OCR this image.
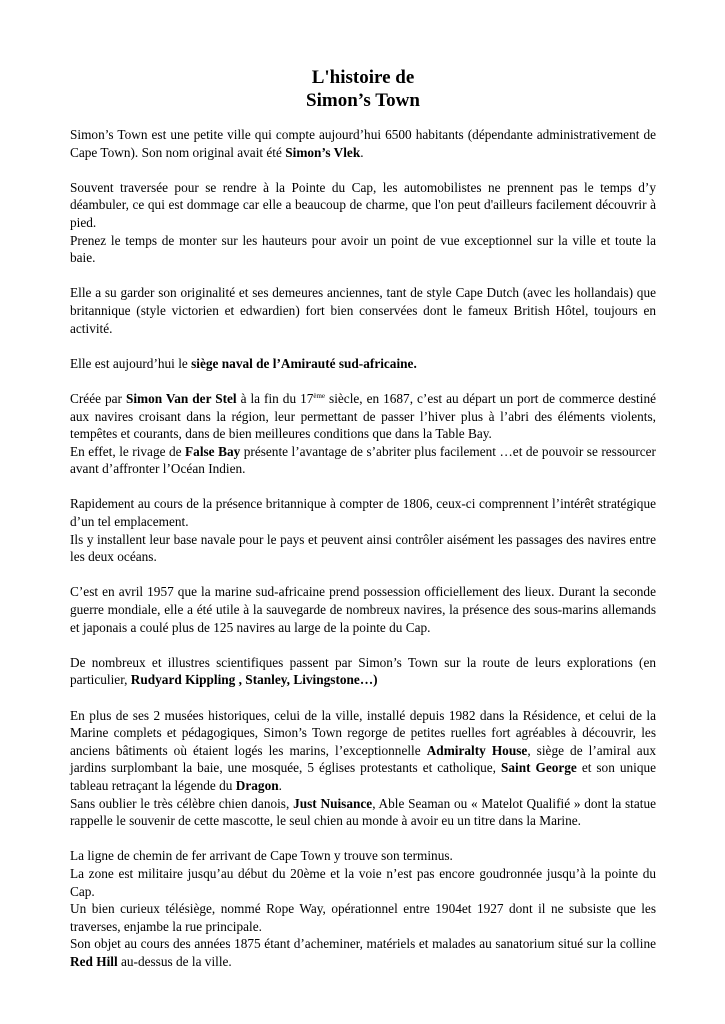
L'histoire de
Simon’s Town

Simon’s Town est une petite ville qui compte aujourd’hui 6500 habitants (dépendante administrativement de Cape Town). Son nom original avait été Simon’s Vlek.

Souvent traversée pour se rendre à la Pointe du Cap, les automobilistes ne prennent pas le temps d’y déambuler, ce qui est dommage car elle a beaucoup de charme, que l'on peut d'ailleurs facilement découvrir à pied.

Prenez le temps de monter sur les hauteurs pour avoir un point de vue exceptionnel sur la ville et toute la baie.

Elle a su garder son originalité et ses demeures anciennes, tant de style Cape Dutch (avec les hollandais) que britannique (style victorien et edwardien) fort bien conservées dont le fameux British Hôtel, toujours en activité.

Elle est aujourd’hui le siège naval de l’Amirauté sud-africaine.

Créée par Simon Van der Stel à la fin du 17ème siècle, en 1687, c’est au départ un port de commerce destiné aux navires croisant dans la région, leur permettant de passer l’hiver plus à l’abri des éléments violents, tempêtes et courants, dans de bien meilleures conditions que dans la Table Bay.

En effet, le rivage de False Bay présente l’avantage de s’abriter plus facilement …et de pouvoir se ressourcer avant d’affronter l’Océan Indien.

Rapidement au cours de la présence britannique à compter de 1806, ceux-ci comprennent l’intérêt stratégique d’un tel emplacement.

Ils y installent leur base navale pour le pays et peuvent ainsi contrôler aisément les passages des navires entre les deux océans.

C’est en avril 1957 que la marine sud-africaine prend possession officiellement des lieux. Durant la seconde guerre mondiale, elle a été utile à la sauvegarde de nombreux navires, la présence des sous-marins allemands et japonais a coulé plus de 125 navires au large de la pointe du Cap.

De nombreux et illustres scientifiques passent par Simon’s Town sur la route de leurs explorations (en particulier, Rudyard Kippling , Stanley, Livingstone…)

En plus de ses 2 musées historiques, celui de la ville, installé depuis 1982 dans la Résidence, et celui de la Marine complets et pédagogiques, Simon’s Town regorge de petites ruelles fort agréables à découvrir, les anciens bâtiments où étaient logés les marins, l’exceptionnelle Admiralty House, siège de l’amiral aux jardins surplombant la baie, une mosquée, 5 églises protestants et catholique, Saint George et son unique tableau retraçant la légende du Dragon.

Sans oublier le très célèbre chien danois, Just Nuisance, Able Seaman ou « Matelot Qualifié » dont la statue rappelle le souvenir de cette mascotte, le seul chien au monde à avoir eu un titre dans la Marine.

La ligne de chemin de fer arrivant de Cape Town y trouve son terminus.

La zone est militaire jusqu’au début du 20ème et la voie n’est pas encore goudronnée jusqu’à la pointe du Cap.

Un bien curieux télésiège, nommé Rope Way, opérationnel entre 1904et 1927 dont il ne subsiste que les traverses, enjambe la rue principale.

Son objet au cours des années 1875 étant d’acheminer, matériels et malades au sanatorium situé sur la colline Red Hill au-dessus de la ville.
